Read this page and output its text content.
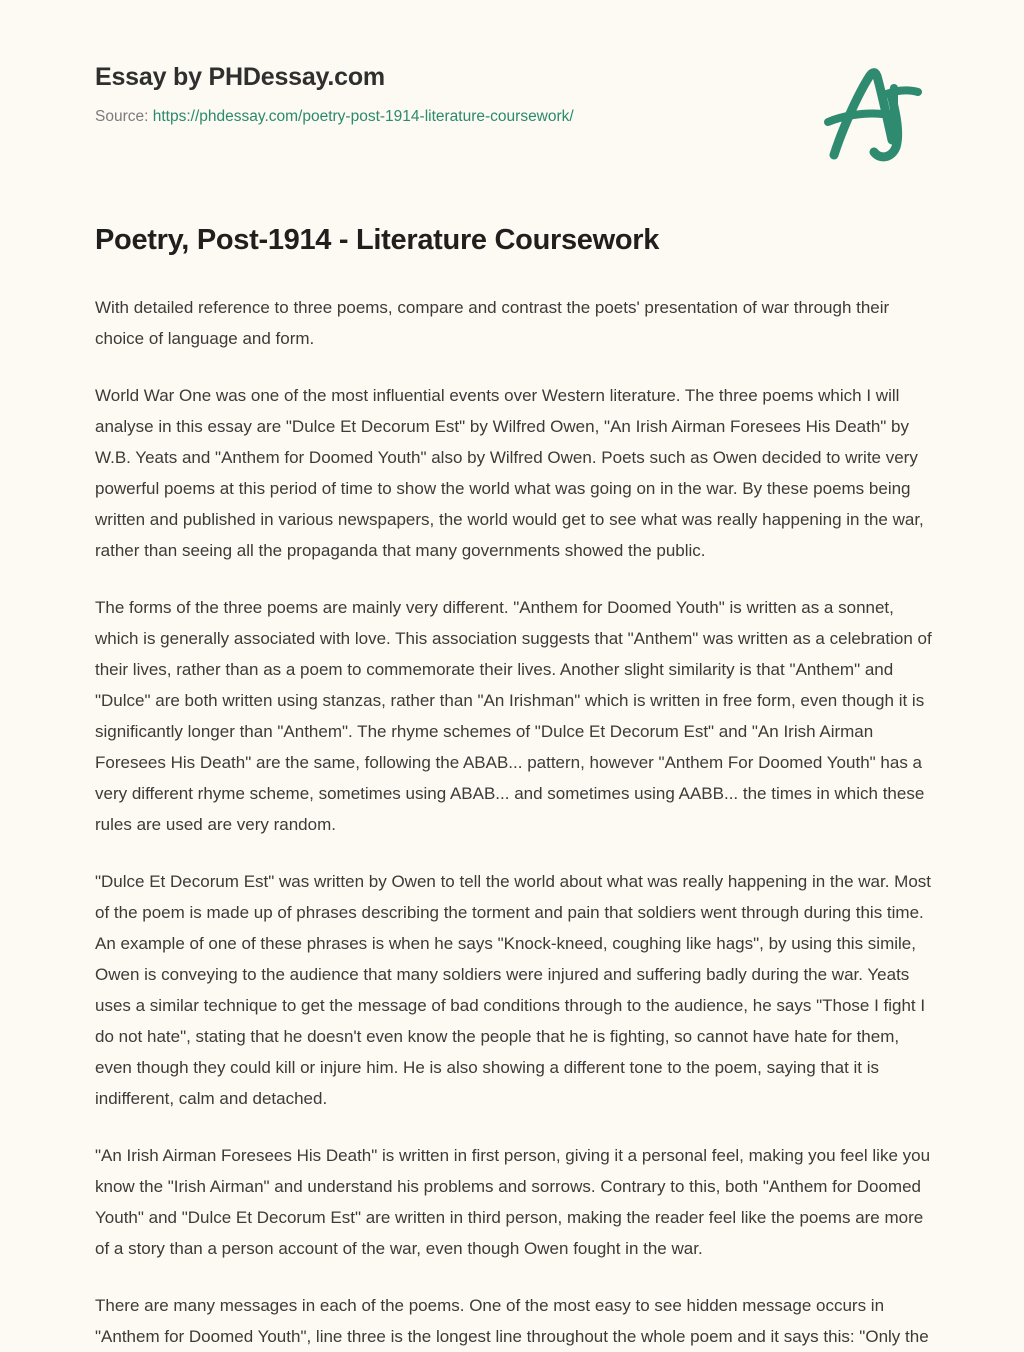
Essay by PHDessay.com
Source: https://phdessay.com/poetry-post-1914-literature-coursework/
Poetry, Post-1914 - Literature Coursework

With detailed reference to three poems, compare and contrast the poets' presentation of war through their choice of language and form.

World War One was one of the most influential events over Western literature. The three poems which I will analyse in this essay are "Dulce Et Decorum Est" by Wilfred Owen, "An Irish Airman Foresees His Death" by W.B. Yeats and "Anthem for Doomed Youth" also by Wilfred Owen. Poets such as Owen decided to write very powerful poems at this period of time to show the world what was going on in the war. By these poems being written and published in various newspapers, the world would get to see what was really happening in the war, rather than seeing all the propaganda that many governments showed the public.

The forms of the three poems are mainly very different. "Anthem for Doomed Youth" is written as a sonnet, which is generally associated with love. This association suggests that "Anthem" was written as a celebration of their lives, rather than as a poem to commemorate their lives. Another slight similarity is that "Anthem" and "Dulce" are both written using stanzas, rather than "An Irishman" which is written in free form, even though it is significantly longer than "Anthem". The rhyme schemes of "Dulce Et Decorum Est" and "An Irish Airman Foresees His Death" are the same, following the ABAB... pattern, however "Anthem For Doomed Youth" has a very different rhyme scheme, sometimes using ABAB... and sometimes using AABB... the times in which these rules are used are very random.

"Dulce Et Decorum Est" was written by Owen to tell the world about what was really happening in the war. Most of the poem is made up of phrases describing the torment and pain that soldiers went through during this time. An example of one of these phrases is when he says "Knock-kneed, coughing like hags", by using this simile, Owen is conveying to the audience that many soldiers were injured and suffering badly during the war. Yeats uses a similar technique to get the message of bad conditions through to the audience, he says "Those I fight I do not hate", stating that he doesn't even know the people that he is fighting, so cannot have hate for them, even though they could kill or injure him. He is also showing a different tone to the poem, saying that it is indifferent, calm and detached.

"An Irish Airman Foresees His Death" is written in first person, giving it a personal feel, making you feel like you know the "Irish Airman" and understand his problems and sorrows. Contrary to this, both "Anthem for Doomed Youth" and "Dulce Et Decorum Est" are written in third person, making the reader feel like the poems are more of a story than a person account of the war, even though Owen fought in the war.

There are many messages in each of the poems. One of the most easy to see hidden message occurs in "Anthem for Doomed Youth", line three is the longest line throughout the whole poem and it says this: "Only the
